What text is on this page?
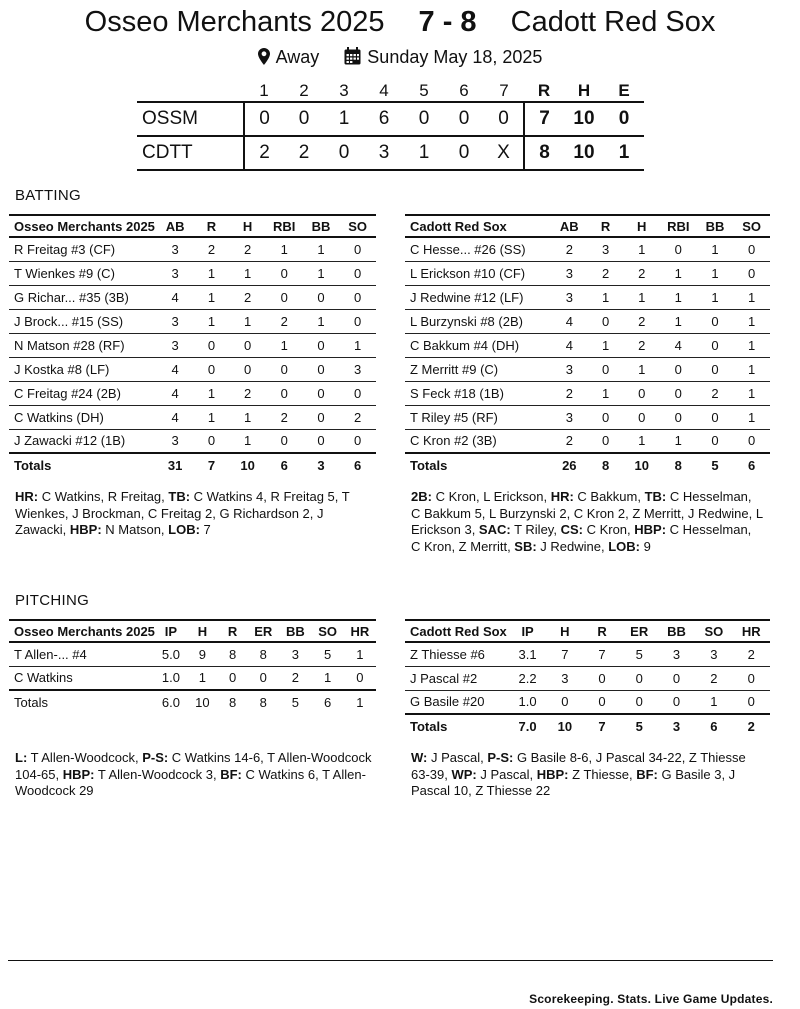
Osseo Merchants 2025 7 - 8 Cadott Red Sox
Away	Sunday May 18, 2025
	1	2	3	4	5	6	7	R	H	E
OSSM	0	0	1	6	0	0	0	7	10	0
CDTT	2	2	0	3	1	0	X	8	10	1
BATTING
Osseo Merchants 2025	AB	R	H	RBI	BB	SO
R Freitag #3 (CF)	3	2	2	1	1	0
T Wienkes #9 (C)	3	1	1	0	1	0
G Richar... #35 (3B)	4	1	2	0	0	0
J Brock... #15 (SS)	3	1	1	2	1	0
N Matson #28 (RF)	3	0	0	1	0	1
J Kostka #8 (LF)	4	0	0	0	0	3
C Freitag #24 (2B)	4	1	2	0	0	0
C Watkins (DH)	4	1	1	2	0	2
J Zawacki #12 (1B)	3	0	1	0	0	0
Totals	31	7	10	6	3	6
Cadott Red Sox	AB	R	H	RBI	BB	SO
C Hesse... #26 (SS)	2	3	1	0	1	0
L Erickson #10 (CF)	3	2	2	1	1	0
J Redwine #12 (LF)	3	1	1	1	1	1
L Burzynski #8 (2B)	4	0	2	1	0	1
C Bakkum #4 (DH)	4	1	2	4	0	1
Z Merritt #9 (C)	3	0	1	0	0	1
S Feck #18 (1B)	2	1	0	0	2	1
T Riley #5 (RF)	3	0	0	0	0	1
C Kron #2 (3B)	2	0	1	1	0	0
Totals	26	8	10	8	5	6
HR: C Watkins, R Freitag, TB: C Watkins 4, R Freitag 5, T Wienkes, J Brockman, C Freitag 2, G Richardson 2, J Zawacki, HBP: N Matson, LOB: 7
2B: C Kron, L Erickson, HR: C Bakkum, TB: C Hesselman, C Bakkum 5, L Burzynski 2, C Kron 2, Z Merritt, J Redwine, L Erickson 3, SAC: T Riley, CS: C Kron, HBP: C Hesselman, C Kron, Z Merritt, SB: J Redwine, LOB: 9
PITCHING
Osseo Merchants 2025	IP	H	R	ER	BB	SO	HR
T Allen-... #4	5.0	9	8	8	3	5	1
C Watkins	1.0	1	0	0	2	1	0
Totals	6.0	10	8	8	5	6	1
Cadott Red Sox	IP	H	R	ER	BB	SO	HR
Z Thiesse #6	3.1	7	7	5	3	3	2
J Pascal #2	2.2	3	0	0	0	2	0
G Basile #20	1.0	0	0	0	0	1	0
Totals	7.0	10	7	5	3	6	2
L: T Allen-Woodcock, P-S: C Watkins 14-6, T Allen-Woodcock 104-65, HBP: T Allen-Woodcock 3, BF: C Watkins 6, T Allen-Woodcock 29
W: J Pascal, P-S: G Basile 8-6, J Pascal 34-22, Z Thiesse 63-39, WP: J Pascal, HBP: Z Thiesse, BF: G Basile 3, J Pascal 10, Z Thiesse 22
Scorekeeping. Stats. Live Game Updates.
